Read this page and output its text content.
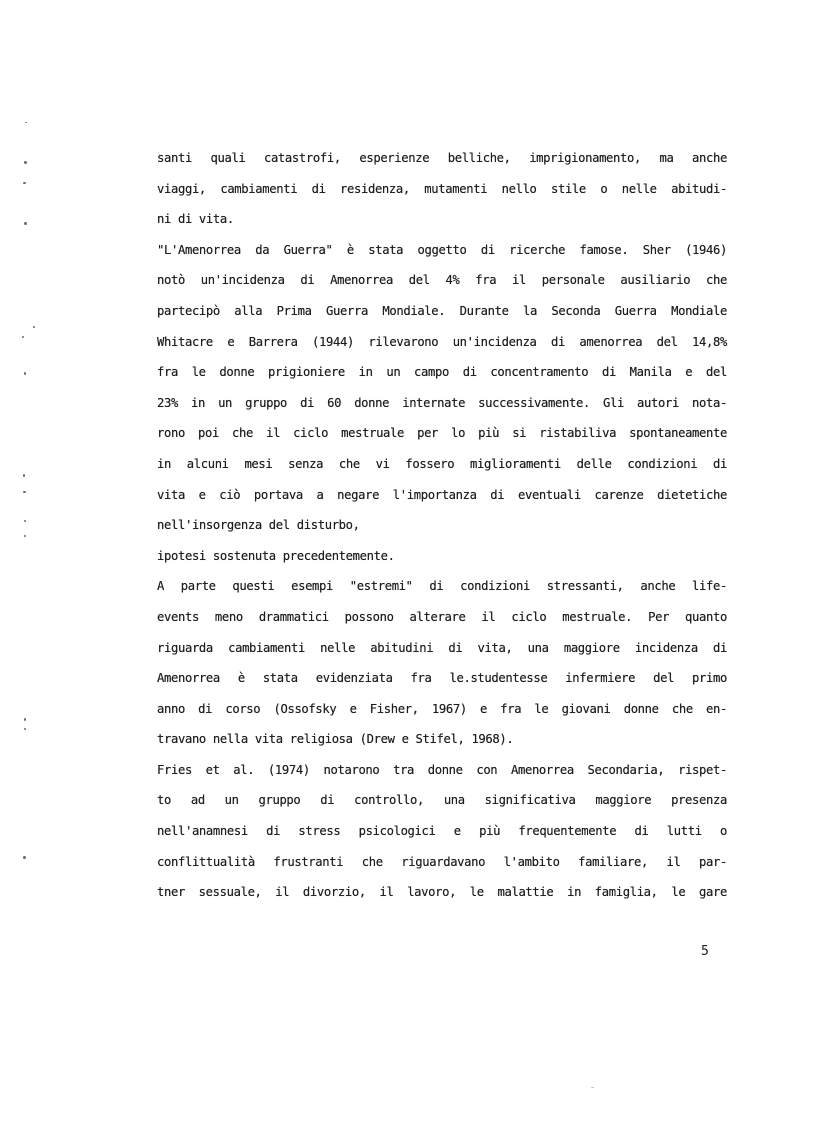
santi quali catastrofi, esperienze belliche, imprigionamento, ma anche
viaggi, cambiamenti di residenza, mutamenti nello stile o nelle abitudi-
ni di vita.
"L'Amenorrea da Guerra" è stata oggetto di ricerche famose. Sher (1946)
notò un'incidenza di Amenorrea del 4% fra il personale ausiliario che
partecipò alla Prima Guerra Mondiale. Durante la Seconda Guerra Mondiale
Whitacre e Barrera (1944) rilevarono un'incidenza di amenorrea del 14,8%
fra le donne prigioniere in un campo di concentramento di Manila e del
23% in un gruppo di 60 donne internate successivamente. Gli autori nota-
rono poi che il ciclo mestruale per lo più si ristabiliva spontaneamente
in alcuni mesi senza che vi fossero miglioramenti delle condizioni di
vita e ciò portava a negare l'importanza di eventuali carenze dietetiche
nell'insorgenza del disturbo,
ipotesi sostenuta precedentemente.
A parte questi esempi "estremi" di condizioni stressanti, anche life-
events meno drammatici possono alterare il ciclo mestruale. Per quanto
riguarda cambiamenti nelle abitudini di vita, una maggiore incidenza di
Amenorrea è stata evidenziata fra le.studentesse infermiere del primo
anno di corso (Ossofsky e Fisher, 1967) e fra le giovani donne che en-
travano nella vita religiosa (Drew e Stifel, 1968).
Fries et al. (1974) notarono tra donne con Amenorrea Secondaria, rispet-
to ad un gruppo di controllo, una significativa maggiore presenza
nell'anamnesi di stress psicologici e più frequentemente di lutti o
conflittualità frustranti che riguardavano l'ambito familiare, il par-
tner sessuale, il divorzio, il lavoro, le malattie in famiglia, le gare
5
